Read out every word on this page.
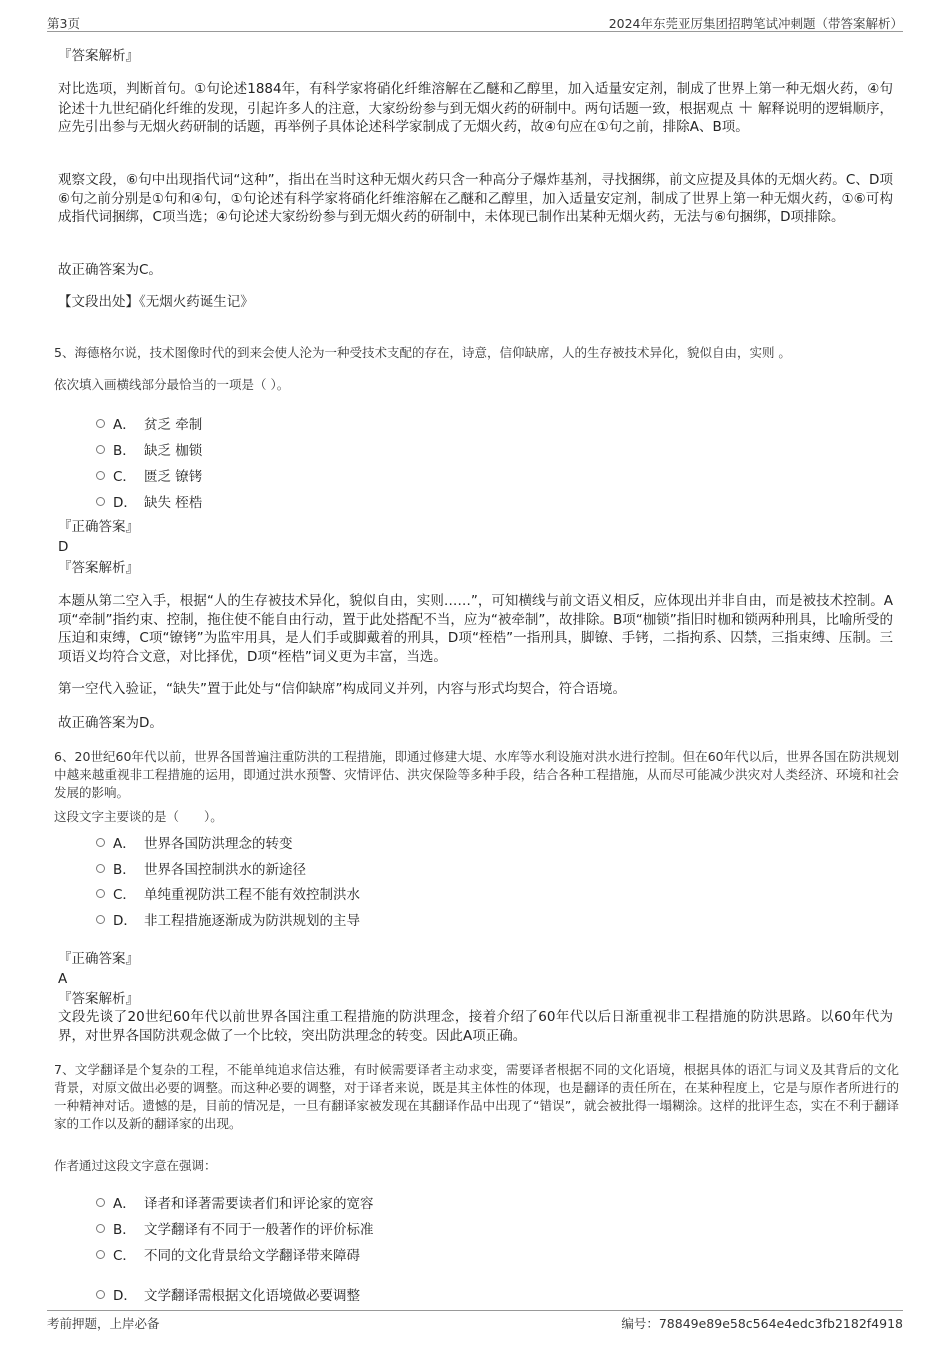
第3页	2024年东莞亚厉集团招聘笔试冲刺题（带答案解析）
『答案解析』
对比选项，判断首句。①句论述1884年，有科学家将硝化纤维溶解在乙醚和乙醇里，加入适量安定剂，制成了世界上第一种无烟火药，④句论述十九世纪硝化纤维的发现，引起许多人的注意，大家纷纷参与到无烟火药的研制中。两句话题一致，根据观点 ＋ 解释说明的逻辑顺序，应先引出参与无烟火药研制的话题，再举例子具体论述科学家制成了无烟火药，故④句应在①句之前，排除A、B项。
观察文段，⑥句中出现指代词“这种”，指出在当时这种无烟火药只含一种高分子爆炸基剂，寻找捆绑，前文应提及具体的无烟火药。C、D项⑥句之前分别是①句和④句，①句论述有科学家将硝化纤维溶解在乙醚和乙醇里，加入适量安定剂，制成了世界上第一种无烟火药，①⑥可构成指代词捆绑，C项当选；④句论述大家纷纷参与到无烟火药的研制中，未体现已制作出某种无烟火药，无法与⑥句捆绑，D项排除。
故正确答案为C。
【文段出处】《无烟火药诞生记》
5、海德格尔说，技术图像时代的到来会使人沦为一种受技术支配的存在，诗意，信仰缺席，人的生存被技术异化，貌似自由，实则 。
依次填入画横线部分最恰当的一项是（ ）。
A． 贫乏 牵制
B． 缺乏 枷锁
C． 匮乏 镣铐
D． 缺失 桎梏
『正确答案』
D
『答案解析』
本题从第二空入手，根据“人的生存被技术异化，貌似自由，实则……”，可知横线与前文语义相反，应体现出并非自由，而是被技术控制。A项“牵制”指约束、控制，拖住使不能自由行动，置于此处搭配不当，应为“被牵制”，故排除。B项“枷锁”指旧时枷和锁两种刑具，比喻所受的压迫和束缚，C项“镣铐”为监牢用具，是人们手或脚戴着的刑具，D项“桎梏”一指刑具，脚镣、手铐，二指拘系、囚禁，三指束缚、压制。三项语义均符合文意，对比择优，D项“桎梏”词义更为丰富，当选。
第一空代入验证，“缺失”置于此处与“信仰缺席”构成同义并列，内容与形式均契合，符合语境。
故正确答案为D。
6、20世纪60年代以前，世界各国普遍注重防洪的工程措施，即通过修建大堤、水库等水利设施对洪水进行控制。但在60年代以后，世界各国在防洪规划中越来越重视非工程措施的运用，即通过洪水预警、灾情评估、洪灾保险等多种手段，结合各种工程措施，从而尽可能减少洪灾对人类经济、环境和社会发展的影响。
这段文字主要谈的是（　　）。
A． 世界各国防洪理念的转变
B． 世界各国控制洪水的新途径
C． 单纯重视防洪工程不能有效控制洪水
D． 非工程措施逐渐成为防洪规划的主导
『正确答案』
A
『答案解析』
文段先谈了20世纪60年代以前世界各国注重工程措施的防洪理念，接着介绍了60年代以后日渐重视非工程措施的防洪思路。以60年代为界，对世界各国防洪观念做了一个比较，突出防洪理念的转变。因此A项正确。
7、文学翻译是个复杂的工程，不能单纯追求信达雅，有时候需要译者主动求变，需要译者根据不同的文化语境，根据具体的语汇与词义及其背后的文化背景，对原文做出必要的调整。而这种必要的调整，对于译者来说，既是其主体性的体现，也是翻译的责任所在，在某种程度上，它是与原作者所进行的一种精神对话。遗憾的是，目前的情况是，一旦有翻译家被发现在其翻译作品中出现了“错误”，就会被批得一塌糊涂。这样的批评生态，实在不利于翻译家的工作以及新的翻译家的出现。
作者通过这段文字意在强调：
A． 译者和译著需要读者们和评论家的宽容
B． 文学翻译有不同于一般著作的评价标准
C． 不同的文化背景给文学翻译带来障碍
D． 文学翻译需根据文化语境做必要调整
考前押题，上岸必备	编号：78849e89e58c564e4edc3fb2182f4918
